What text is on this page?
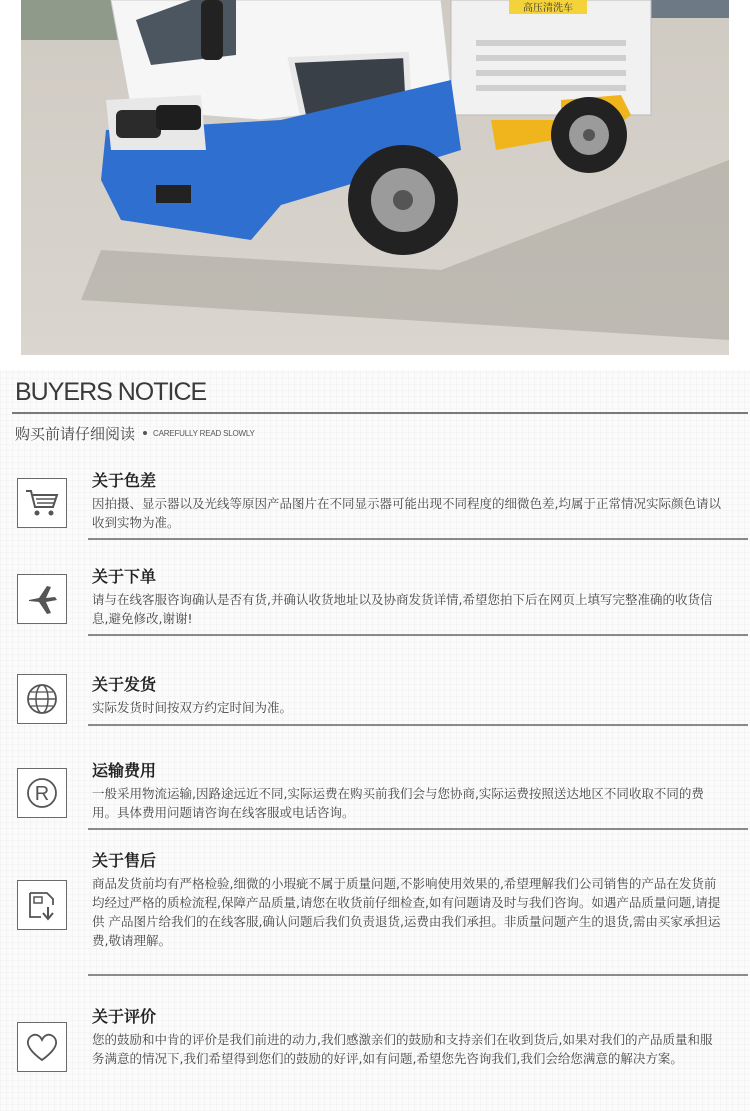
高压清洗车
BUYERS NOTICE
购买前请仔细阅读 CAREFULLY READ SLOWLY
关于色差
因拍摄、显示器以及光线等原因产品图片在不同显示器可能出现不同程度的细微色差,均属于正常情况实际颜色请以收到实物为准。
关于下单
请与在线客服咨询确认是否有货,并确认收货地址以及协商发货详情,希望您拍下后在网页上填写完整准确的收货信息,避免修改,谢谢!
关于发货
实际发货时间按双方约定时间为准。
R
运输费用
一般采用物流运输,因路途远近不同,实际运费在购买前我们会与您协商,实际运费按照送达地区不同收取不同的费用。具体费用问题请咨询在线客服或电话咨询。
关于售后
商品发货前均有严格检验,细微的小瑕疵不属于质量问题,不影响使用效果的,希望理解我们公司销售的产品在发货前均经过严格的质检流程,保障产品质量,请您在收货前仔细检查,如有问题请及时与我们咨询。如遇产品质量问题,请提供 产品图片给我们的在线客服,确认问题后我们负责退货,运费由我们承担。非质量问题产生的退货,需由买家承担运费,敬请理解。
关于评价
您的鼓励和中肯的评价是我们前进的动力,我们感激亲们的鼓励和支持亲们在收到货后,如果对我们的产品质量和服务满意的情况下,我们希望得到您们的鼓励的好评,如有问题,希望您先咨询我们,我们会给您满意的解决方案。
